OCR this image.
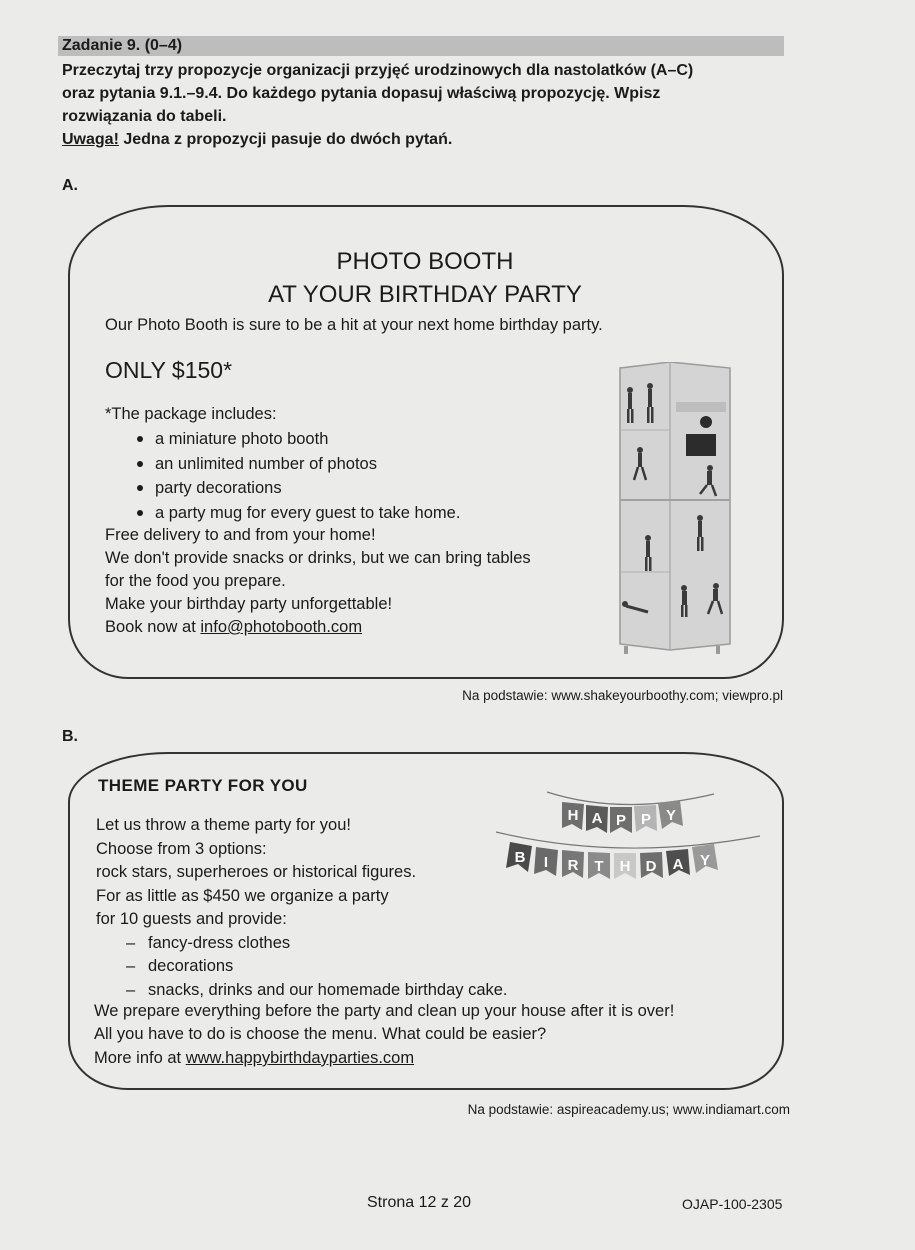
Zadanie 9. (0–4)
Przeczytaj trzy propozycje organizacji przyjęć urodzinowych dla nastolatków (A–C)
oraz pytania 9.1.–9.4. Do każdego pytania dopasuj właściwą propozycję. Wpisz
rozwiązania do tabeli.
Uwaga! Jedna z propozycji pasuje do dwóch pytań.
A.
PHOTO BOOTH
AT YOUR BIRTHDAY PARTY
Our Photo Booth is sure to be a hit at your next home birthday party.
ONLY $150*
*The package includes:
a miniature photo booth
an unlimited number of photos
party decorations
a party mug for every guest to take home.
Free delivery to and from your home!
We don't provide snacks or drinks, but we can bring tables
for the food you prepare.
Make your birthday party unforgettable!
Book now at info@photobooth.com
Na podstawie: www.shakeyourboothy.com; viewpro.pl
B.
THEME PARTY FOR YOU
Let us throw a theme party for you!
Choose from 3 options:
rock stars, superheroes or historical figures.
For as little as $450 we organize a party
for 10 guests and provide:
– fancy-dress clothes
– decorations
– snacks, drinks and our homemade birthday cake.
We prepare everything before the party and clean up your house after it is over!
All you have to do is choose the menu. What could be easier?
More info at www.happybirthdayparties.com
H A P P Y
B I R T H D A Y
Na podstawie: aspireacademy.us; www.indiamart.com
Strona 12 z 20	OJAP-100-2305
